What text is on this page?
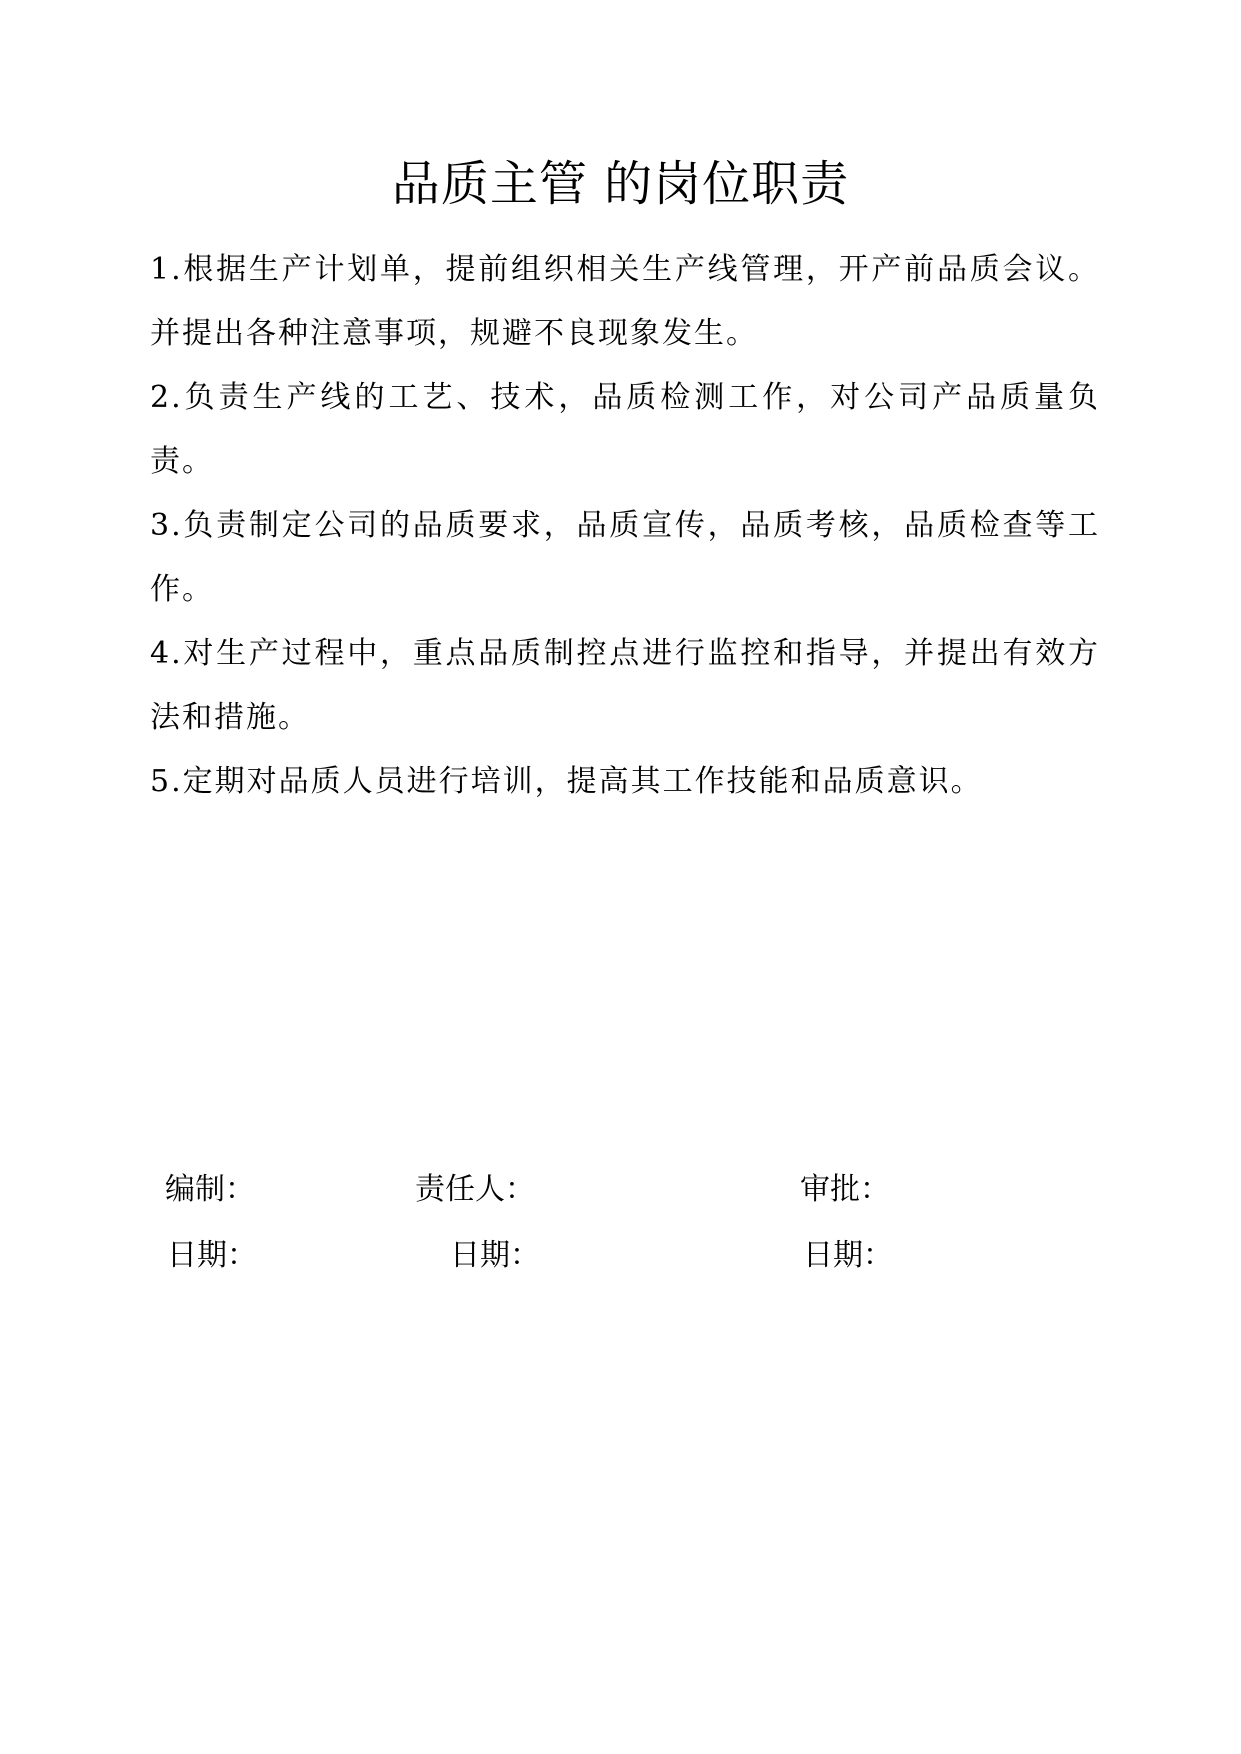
品质主管 的岗位职责
1.根据生产计划单，提前组织相关生产线管理，开产前品质会议。并提出各种注意事项，规避不良现象发生。
2.负责生产线的工艺、技术，品质检测工作，对公司产品质量负责。
3.负责制定公司的品质要求，品质宣传，品质考核，品质检查等工作。
4.对生产过程中，重点品质制控点进行监控和指导，并提出有效方法和措施。
5.定期对品质人员进行培训，提高其工作技能和品质意识。
编制：	责任人：	审批：
日期：	日期：	日期：
